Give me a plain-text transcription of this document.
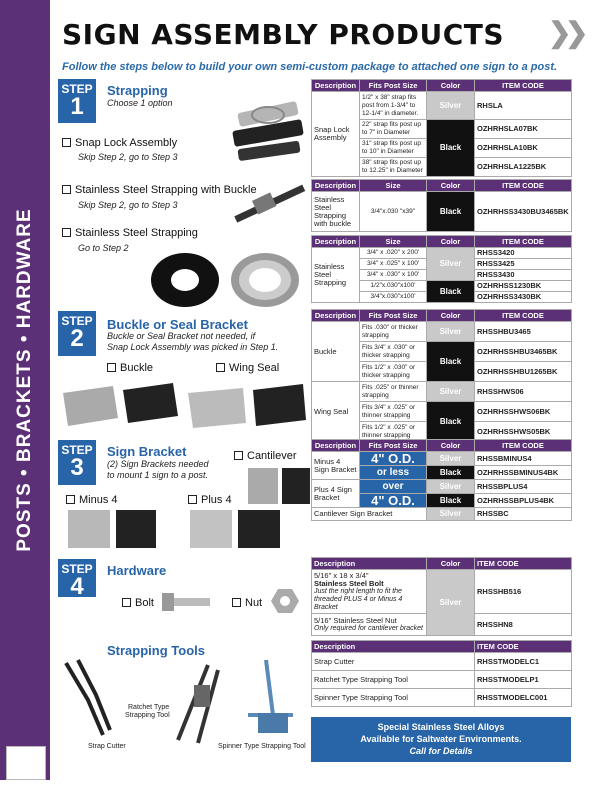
POSTS • BRACKETS • HARDWARE
SIGN ASSEMBLY PRODUCTS ❯
❯
Follow the steps below to build your own semi-custom package to attached one sign to a post.
STEP
1
Strapping
Choose 1 option
Snap Lock Assembly
Skip Step 2, go to Step 3
Stainless Steel Strapping with Buckle
Skip Step 2, go to Step 3
Stainless Steel Strapping
Go to Step 2
STEP
2
Buckle or Seal Bracket
Buckle or Seal Bracket not needed, if
Snap Lock Assembly was picked in Step 1.
Buckle	Wing Seal
STEP
3
Sign Bracket
(2) Sign Brackets needed
to mount 1 sign to a post.
Cantilever
Minus 4	Plus 4
STEP
4
Hardware
Bolt	Nut
Strapping Tools
Strap Cutter
Ratchet Type
Strapping Tool
Spinner Type Strapping Tool
Description	Fits Post Size	Color	ITEM CODE
Snap Lock Assembly	1/2" x 38" strap fits post from 1-3/4" to 12-1/4" in diameter.	Silver	RHSLA
	22" strap fits post up to 7" in Diameter	Black	OZHRHSLA07BK
	31" strap fits post up to 10" in Diameter		OZHRHSLA10BK
	38" strap fits post up to 12.25" in Diameter		OZHRHSLA1225BK
Description	Size	Color	ITEM CODE
Stainless Steel Strapping with buckle	3/4"x.030 "x39"	Black	OZHRHSS3430BU3465BK
Description	Size	Color	ITEM CODE
Stainless Steel Strapping	3/4" x .020" x 200'	Silver	RHSS3420
	3/4" x .025" x 100'		RHSS3425
	3/4" x .030" x 100'		RHSS3430
	1/2"x.030"x100'	Black	OZHRHSS1230BK
	3/4"x.030"x100'		OZHRHSS3430BK
Description	Fits Post Size	Color	ITEM CODE
Buckle	Fits .030" or thicker strapping	Silver	RHSSHBU3465
	Fits 3/4" x .030" or thicker strapping	Black	OZHRHSSHBU3465BK
	Fits 1/2" x .030" or thicker strapping		OZHRHSSHBU1265BK
Wing Seal	Fits .025" or thinner strapping	Silver	RHSSHWS06
	Fits 3/4" x .025" or thinner strapping	Black	OZHRHSSHWS06BK
	Fits 1/2" x .025" or thinner strapping		OZHRHSSHWS05BK
Description	Fits Post Size	Color	ITEM CODE
Minus 4 Sign Bracket	4" O.D.	Silver	RHSSBMINUS4
	or less	Black	OZHRHSSBMINUS4BK
Plus 4 Sign Bracket	over	Silver	RHSSBPLUS4
	4" O.D.	Black	OZHRHSSBPLUS4BK
Cantilever Sign Bracket		Silver	RHSSBC
Description	Color	ITEM CODE

5/16" x 18 x 3/4"
Stainless Steel Bolt
Just the right length to fit the threaded PLUS 4 or Minus 4 Bracket	Silver	RHSSHB516

5/16" Stainless Steel Nut
Only required for cantilever bracket		RHSSHN8
Description	ITEM CODE
Strap Cutter	RHSSTMODELC1
Ratchet Type Strapping Tool	RHSSTMODELP1
Spinner Type Strapping Tool	RHSSTMODELC001
Special Stainless Steel Alloys
Available for Saltwater Environments.
Call for Details
